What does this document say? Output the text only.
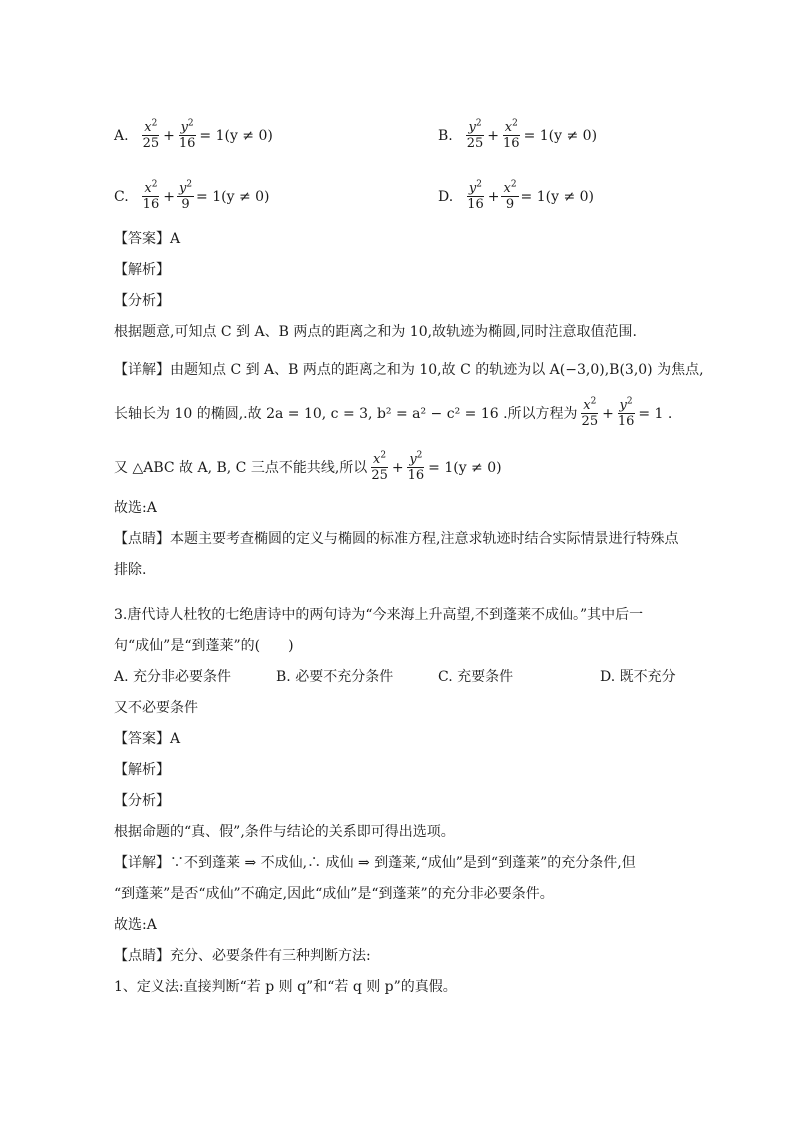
A. $\frac{x^2}{25} + \frac{y^2}{16} = 1(y \ne 0)$	B. $\frac{y^2}{25} + \frac{x^2}{16} = 1(y \ne 0)$
C. $\frac{x^2}{16} + \frac{y^2}{9} = 1(y \ne 0)$	D. $\frac{y^2}{16} + \frac{x^2}{9} = 1(y \ne 0)$
【答案】A
【解析】
【分析】
根据题意,可知点 C 到 A、B 两点的距离之和为 10,故轨迹为椭圆,同时注意取值范围.
【详解】由题知点 C 到 A、B 两点的距离之和为 10,故 C 的轨迹为以 A(−3,0),B(3,0) 为焦点,
长轴长为 10 的椭圆,.故 2a = 10, c = 3, b² = a² − c² = 16 .所以方程为 $\frac{x^2}{25} + \frac{y^2}{16} = 1$ .
又 △ABC 故 A, B, C 三点不能共线,所以 $\frac{x^2}{25} + \frac{y^2}{16} = 1(y \ne 0)$
故选:A
【点睛】本题主要考查椭圆的定义与椭圆的标准方程,注意求轨迹时结合实际情景进行特殊点
排除.
3.唐代诗人杜牧的七绝唐诗中的两句诗为“今来海上升高望,不到蓬莱不成仙。”其中后一
句“成仙”是“到蓬莱”的(　　)
A. 充分非必要条件	B. 必要不充分条件	C. 充要条件	D. 既不充分
又不必要条件
【答案】A
【解析】
【分析】
根据命题的“真、假”,条件与结论的关系即可得出选项。
【详解】∵不到蓬莱 ⇒ 不成仙,∴ 成仙 ⇒ 到蓬莱,“成仙”是到“到蓬莱”的充分条件,但
“到蓬莱”是否“成仙”不确定,因此“成仙”是“到蓬莱”的充分非必要条件。
故选:A
【点睛】充分、必要条件有三种判断方法:
1、定义法:直接判断“若 p 则 q”和“若 q 则 p”的真假。
